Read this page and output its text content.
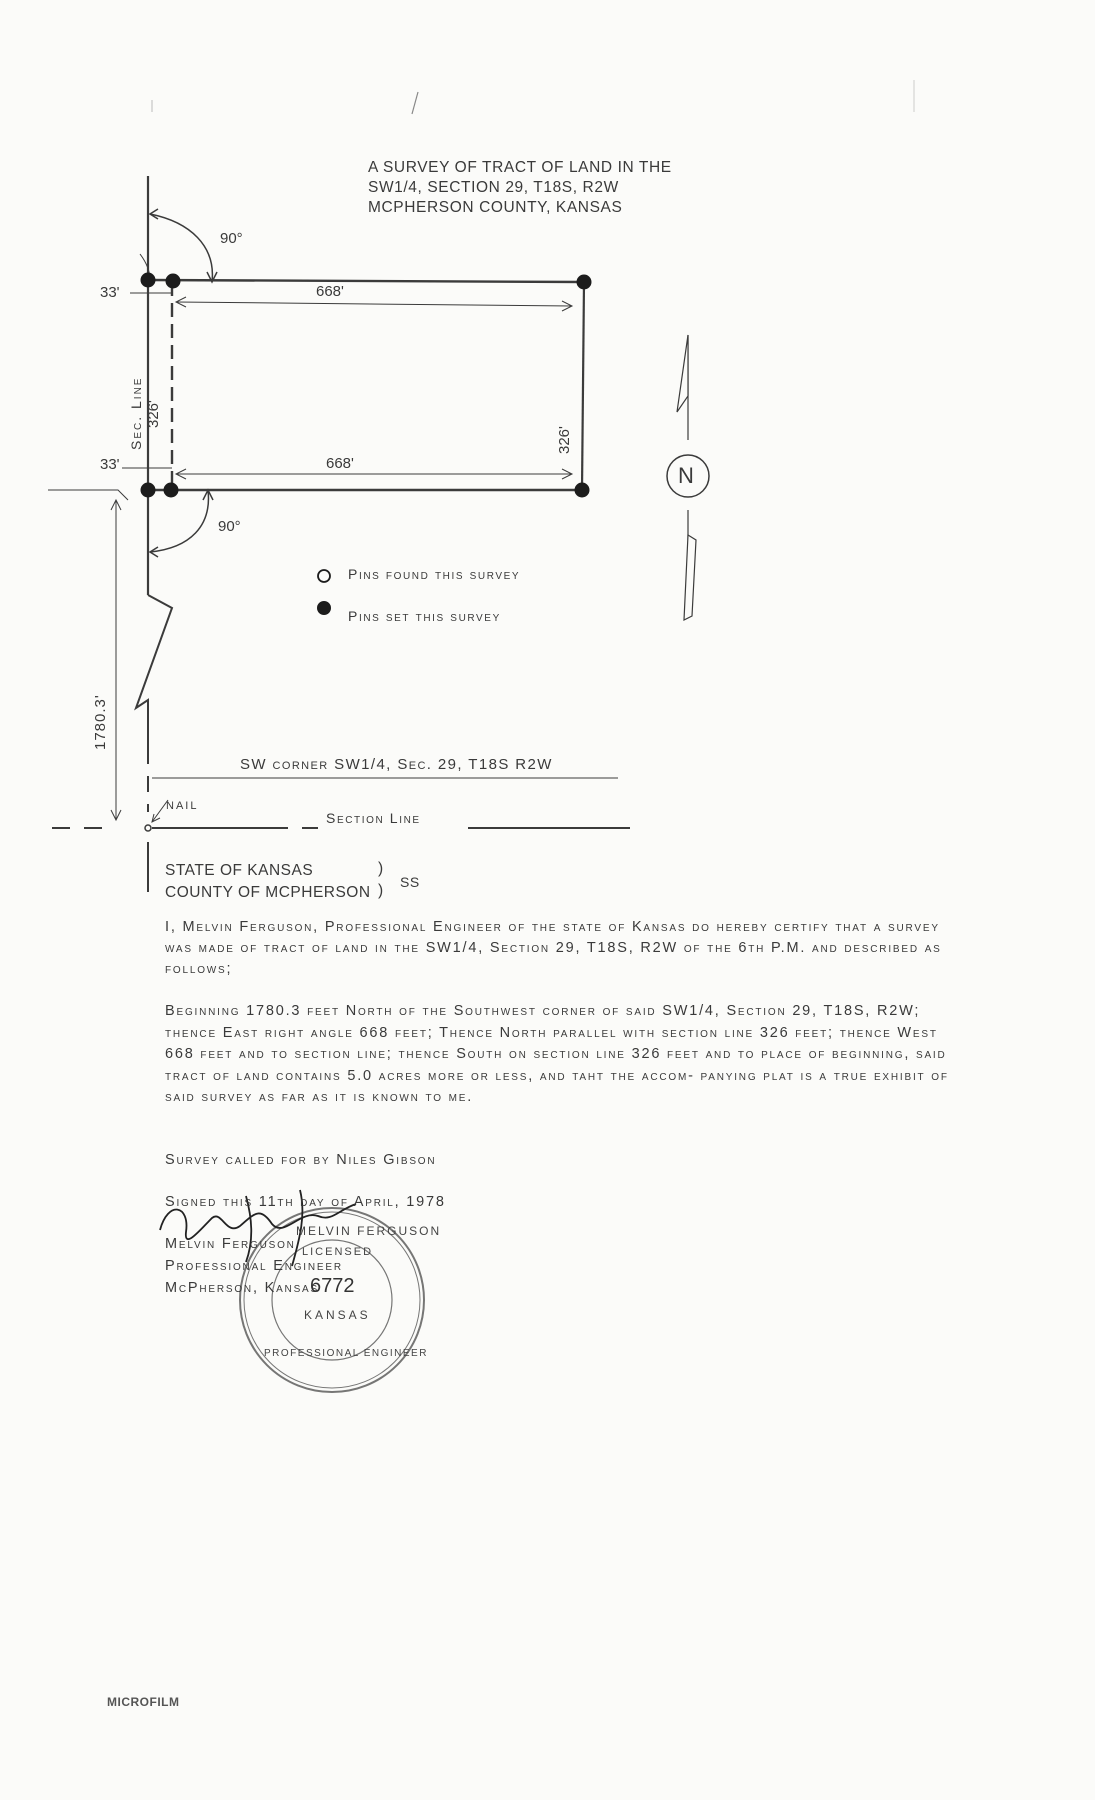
A SURVEY OF TRACT OF LAND IN THE
SW1/4, SECTION 29, T18S, R2W
MCPHERSON COUNTY, KANSAS
90°
90°
33'
33'
668'
668'
326'
326'
Sec. Line
1780.3'
NAIL
SW corner SW1/4, Sec. 29, T18S R2W
Section Line
N
Pins found this survey
Pins set this survey
STATE OF KANSAS
COUNTY OF MCPHERSON
)
) SS
I, Melvin Ferguson, Professional Engineer of the state of Kansas do hereby certify that a survey was made of tract of land in the SW1/4, Section 29, T18S, R2W of the 6th P.M. and described as follows;
Beginning 1780.3 feet North of the Southwest corner of said SW1/4, Section 29, T18S, R2W; thence East right angle 668 feet; Thence North parallel with section line 326 feet; thence West 668 feet and to section line; thence South on section line 326 feet and to place of beginning, said tract of land contains 5.0 acres more or less, and taht the accom- panying plat is a true exhibit of said survey as far as it is known to me.
Survey called for by Niles Gibson
Signed this 11th day of April, 1978
Melvin Ferguson
Professional Engineer
McPherson, Kansas
MELVIN FERGUSON
LICENSED
6772
KANSAS
PROFESSIONAL ENGINEER
MICROFILM
